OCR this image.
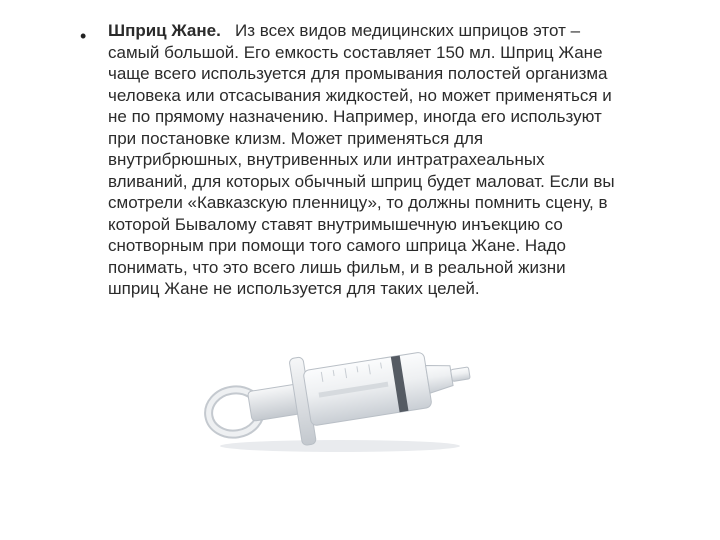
• Шприц Жане. Из всех видов медицинских шприцов этот –
самый большой. Его емкость составляет 150 мл. Шприц Жане
чаще всего используется для промывания полостей организма
человека или отсасывания жидкостей, но может применяться и
не по прямому назначению. Например, иногда его используют
при постановке клизм. Может применяться для
внутрибрюшных, внутривенных или интратрахеальных
вливаний, для которых обычный шприц будет маловат. Если вы
смотрели «Кавказскую пленницу», то должны помнить сцену, в
которой Бывалому ставят внутримышечную инъекцию со
снотворным при помощи того самого шприца Жане. Надо
понимать, что это всего лишь фильм, и в реальной жизни
шприц Жане не используется для таких целей.
